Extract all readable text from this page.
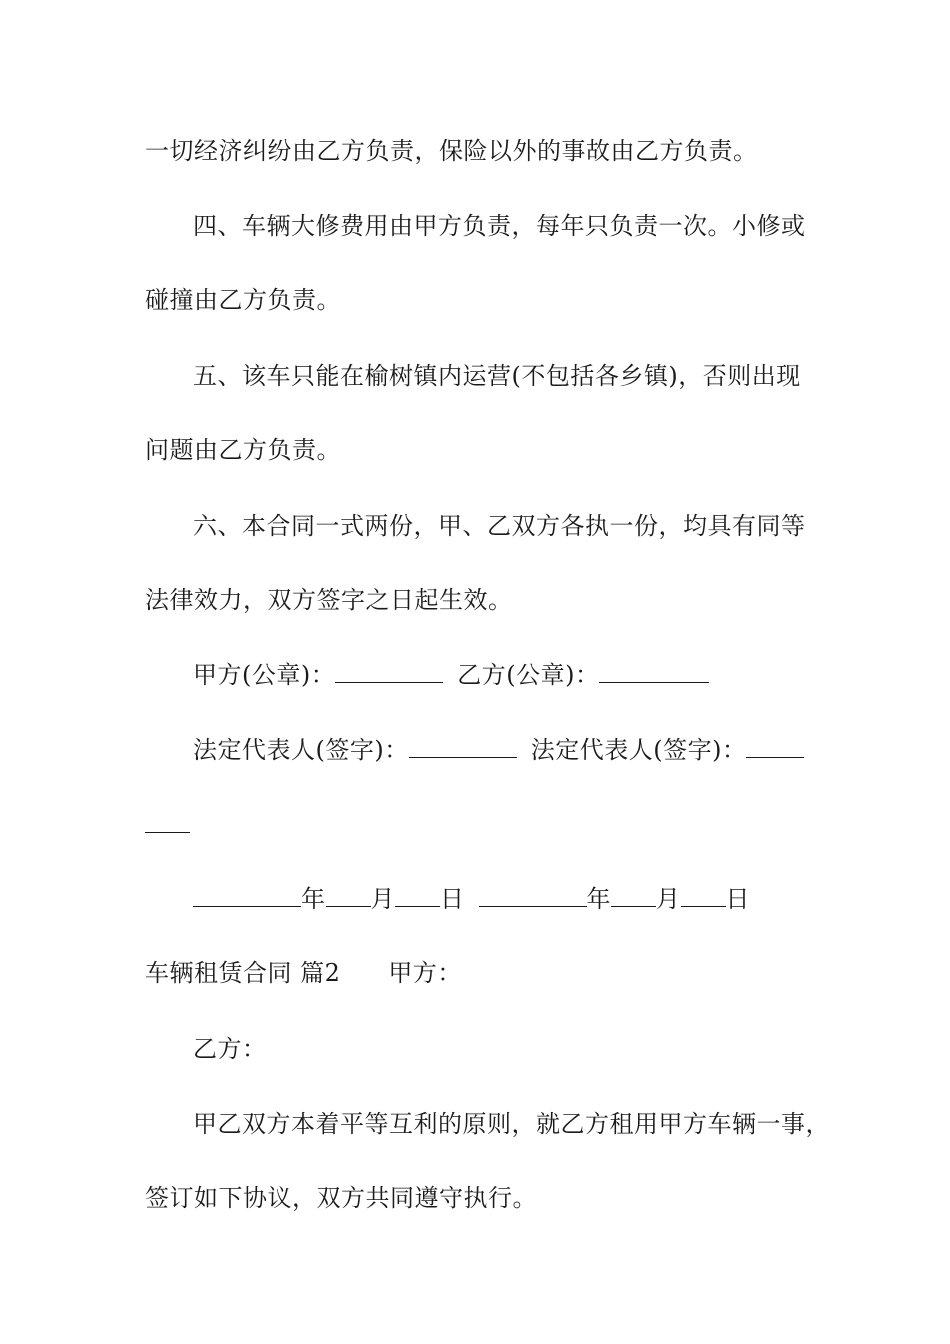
一切经济纠纷由乙方负责，保险以外的事故由乙方负责。
四、车辆大修费用由甲方负责，每年只负责一次。小修或
碰撞由乙方负责。
五、该车只能在榆树镇内运营(不包括各乡镇)，否则出现
问题由乙方负责。
六、本合同一式两份，甲、乙双方各执一份，均具有同等
法律效力，双方签字之日起生效。
甲方(公章)：	乙方(公章)：
法定代表人(签字)：	法定代表人(签字)：
年 月 日	年 月 日
车辆租赁合同 篇2 甲方：
乙方：
甲乙双方本着平等互利的原则，就乙方租用甲方车辆一事，
签订如下协议，双方共同遵守执行。
